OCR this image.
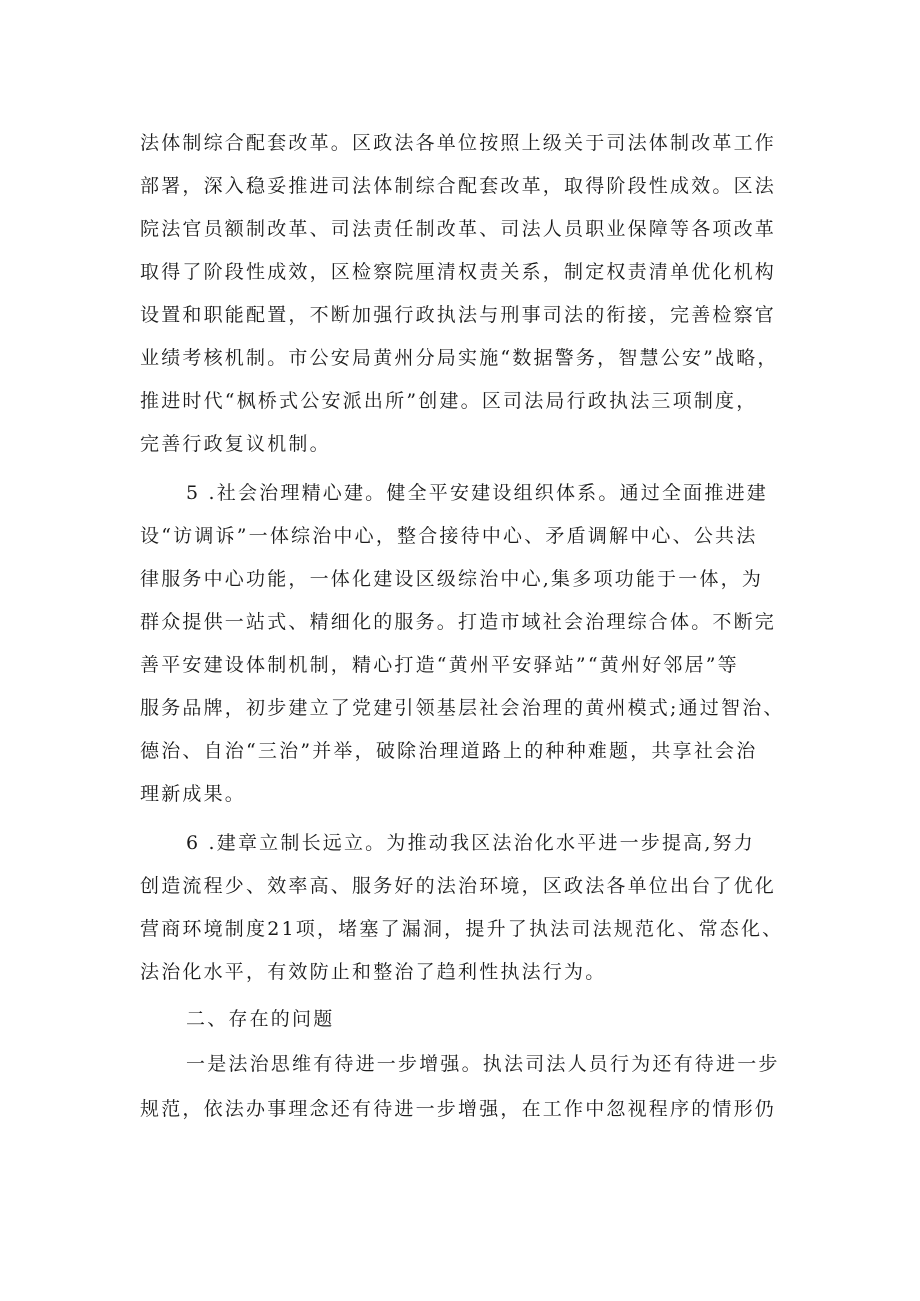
法体制综合配套改革。区政法各单位按照上级关于司法体制改革工作
部署，深入稳妥推进司法体制综合配套改革，取得阶段性成效。区法
院法官员额制改革、司法责任制改革、司法人员职业保障等各项改革
取得了阶段性成效，区检察院厘清权责关系，制定权责清单优化机构
设置和职能配置，不断加强行政执法与刑事司法的衔接，完善检察官
业绩考核机制。市公安局黄州分局实施“数据警务，智慧公安”战略，
推进时代“枫桥式公安派出所”创建。区司法局行政执法三项制度，
完善行政复议机制。
5 .社会治理精心建。健全平安建设组织体系。通过全面推进建
设“访调诉”一体综治中心，整合接待中心、矛盾调解中心、公共法
律服务中心功能，一体化建设区级综治中心,集多项功能于一体，为
群众提供一站式、精细化的服务。打造市域社会治理综合体。不断完
善平安建设体制机制，精心打造“黄州平安驿站”“黄州好邻居”等
服务品牌，初步建立了党建引领基层社会治理的黄州模式;通过智治、
德治、自治“三治”并举，破除治理道路上的种种难题，共享社会治
理新成果。
6 .建章立制长远立。为推动我区法治化水平进一步提高,努力
创造流程少、效率高、服务好的法治环境，区政法各单位出台了优化
营商环境制度21项，堵塞了漏洞，提升了执法司法规范化、常态化、
法治化水平，有效防止和整治了趋利性执法行为。
二、存在的问题
一是法治思维有待进一步增强。执法司法人员行为还有待进一步
规范，依法办事理念还有待进一步增强，在工作中忽视程序的情形仍
